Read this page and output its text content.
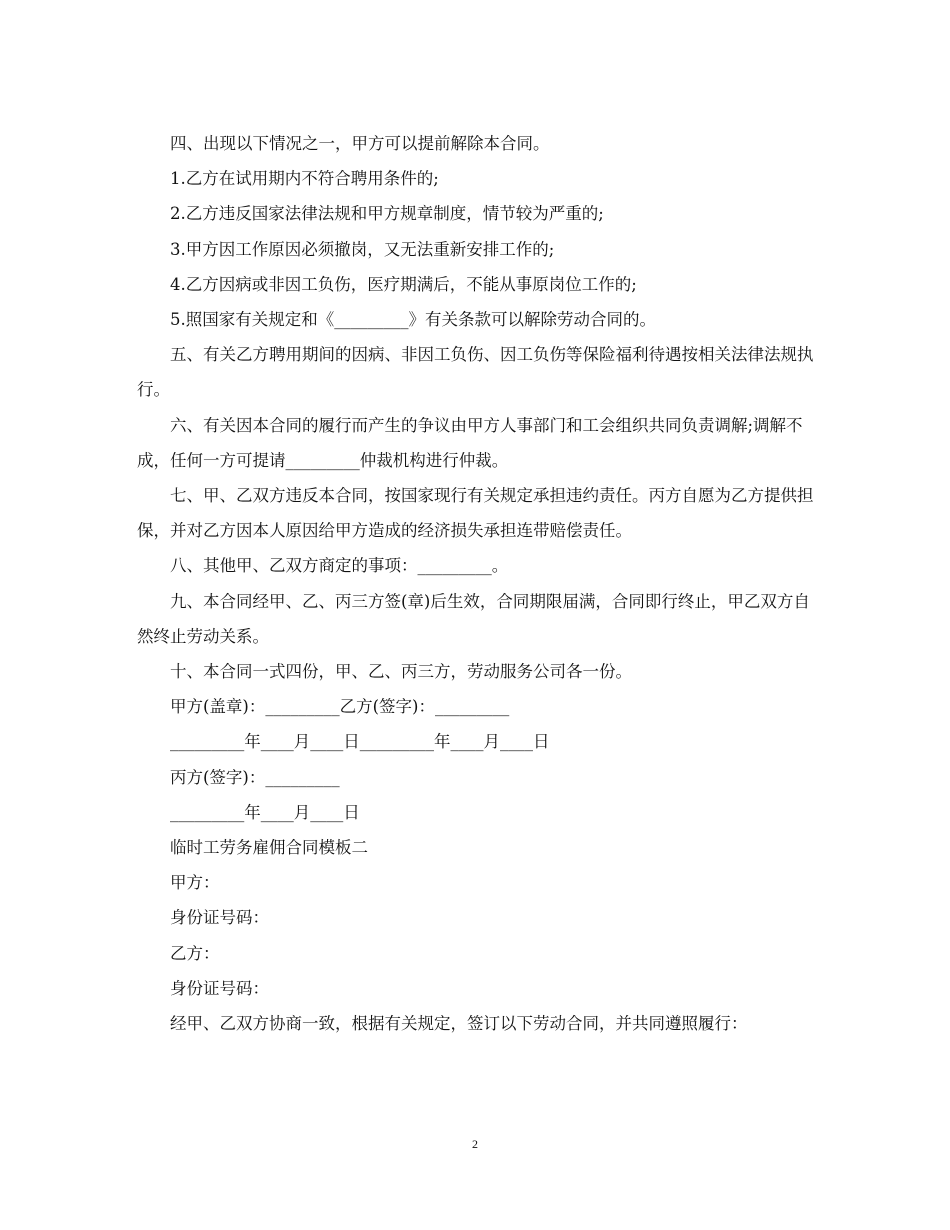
四、出现以下情况之一，甲方可以提前解除本合同。

1.乙方在试用期内不符合聘用条件的;

2.乙方违反国家法律法规和甲方规章制度，情节较为严重的;

3.甲方因工作原因必须撤岗，又无法重新安排工作的;

4.乙方因病或非因工负伤，医疗期满后，不能从事原岗位工作的;

5.照国家有关规定和《_________》有关条款可以解除劳动合同的。

五、有关乙方聘用期间的因病、非因工负伤、因工负伤等保险福利待遇按相关法律法规执行。

六、有关因本合同的履行而产生的争议由甲方人事部门和工会组织共同负责调解;调解不成，任何一方可提请_________仲裁机构进行仲裁。

七、甲、乙双方违反本合同，按国家现行有关规定承担违约责任。丙方自愿为乙方提供担保，并对乙方因本人原因给甲方造成的经济损失承担连带赔偿责任。

八、其他甲、乙双方商定的事项：_________。

九、本合同经甲、乙、丙三方签(章)后生效，合同期限届满，合同即行终止，甲乙双方自然终止劳动关系。

十、本合同一式四份，甲、乙、丙三方，劳动服务公司各一份。

甲方(盖章)：_________乙方(签字)：_________

_________年____月____日_________年____月____日

丙方(签字)：_________

_________年____月____日

临时工劳务雇佣合同模板二

甲方：

身份证号码：

乙方：

身份证号码：

经甲、乙双方协商一致，根据有关规定，签订以下劳动合同，并共同遵照履行：

2
